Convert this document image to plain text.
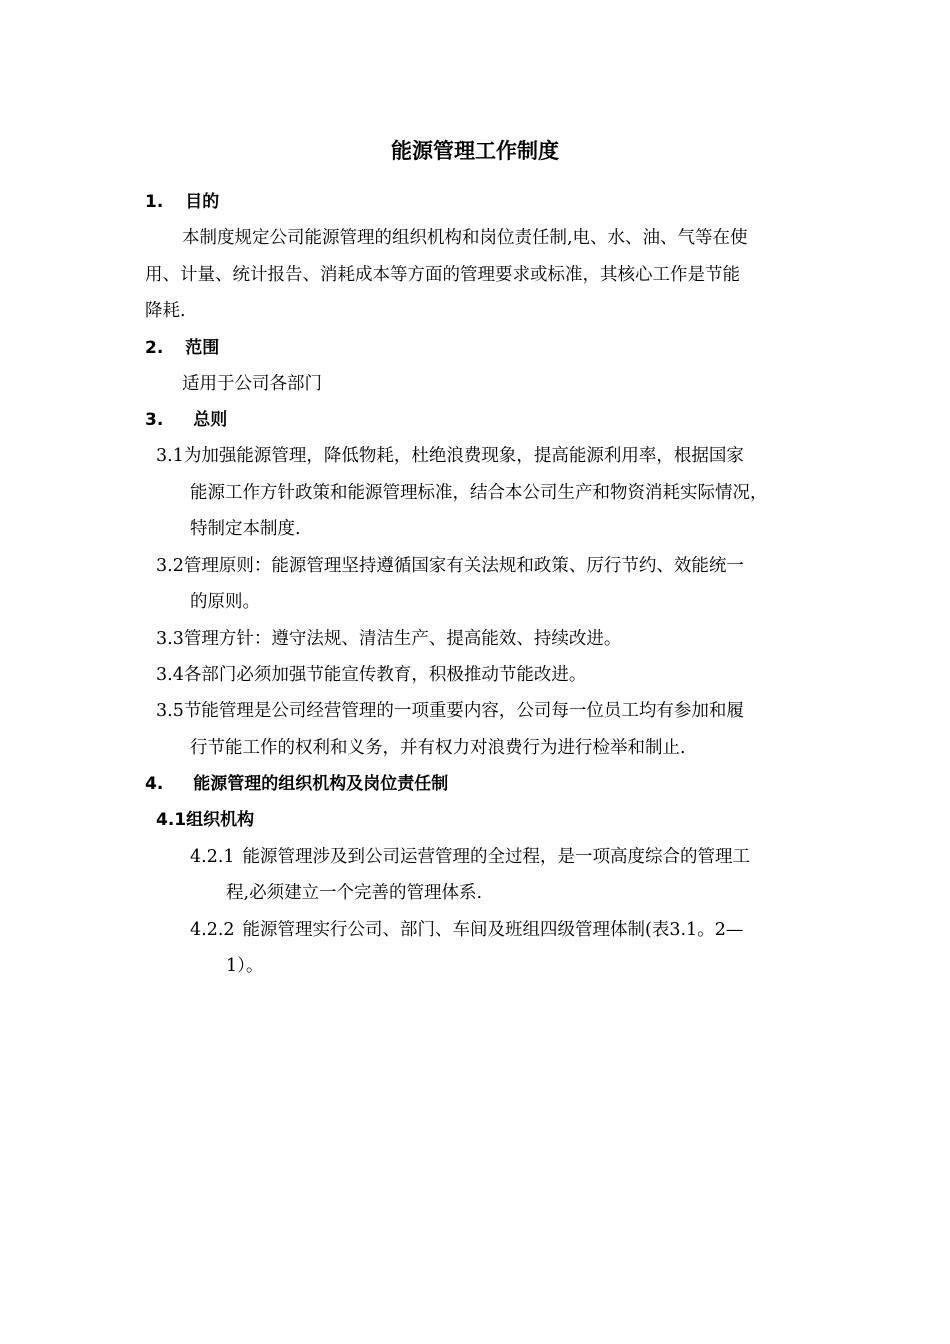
能源管理工作制度
1. 目的

本制度规定公司能源管理的组织机构和岗位责任制,电、水、油、气等在使

用、计量、统计报告、消耗成本等方面的管理要求或标准，其核心工作是节能

降耗.

2. 范围

适用于公司各部门

3. 总则

3.1为加强能源管理，降低物耗，杜绝浪费现象，提高能源利用率，根据国家

能源工作方针政策和能源管理标准，结合本公司生产和物资消耗实际情况，

特制定本制度.

3.2管理原则：能源管理坚持遵循国家有关法规和政策、厉行节约、效能统一

的原则。

3.3管理方针：遵守法规、清洁生产、提高能效、持续改进。

3.4各部门必须加强节能宣传教育，积极推动节能改进。

3.5节能管理是公司经营管理的一项重要内容，公司每一位员工均有参加和履

行节能工作的权利和义务，并有权力对浪费行为进行检举和制止.

4. 能源管理的组织机构及岗位责任制
4.1组织机构

4.2.1 能源管理涉及到公司运营管理的全过程，是一项高度综合的管理工

程,必须建立一个完善的管理体系.

4.2.2 能源管理实行公司、部门、车间及班组四级管理体制(表3.1。2—

1）。
